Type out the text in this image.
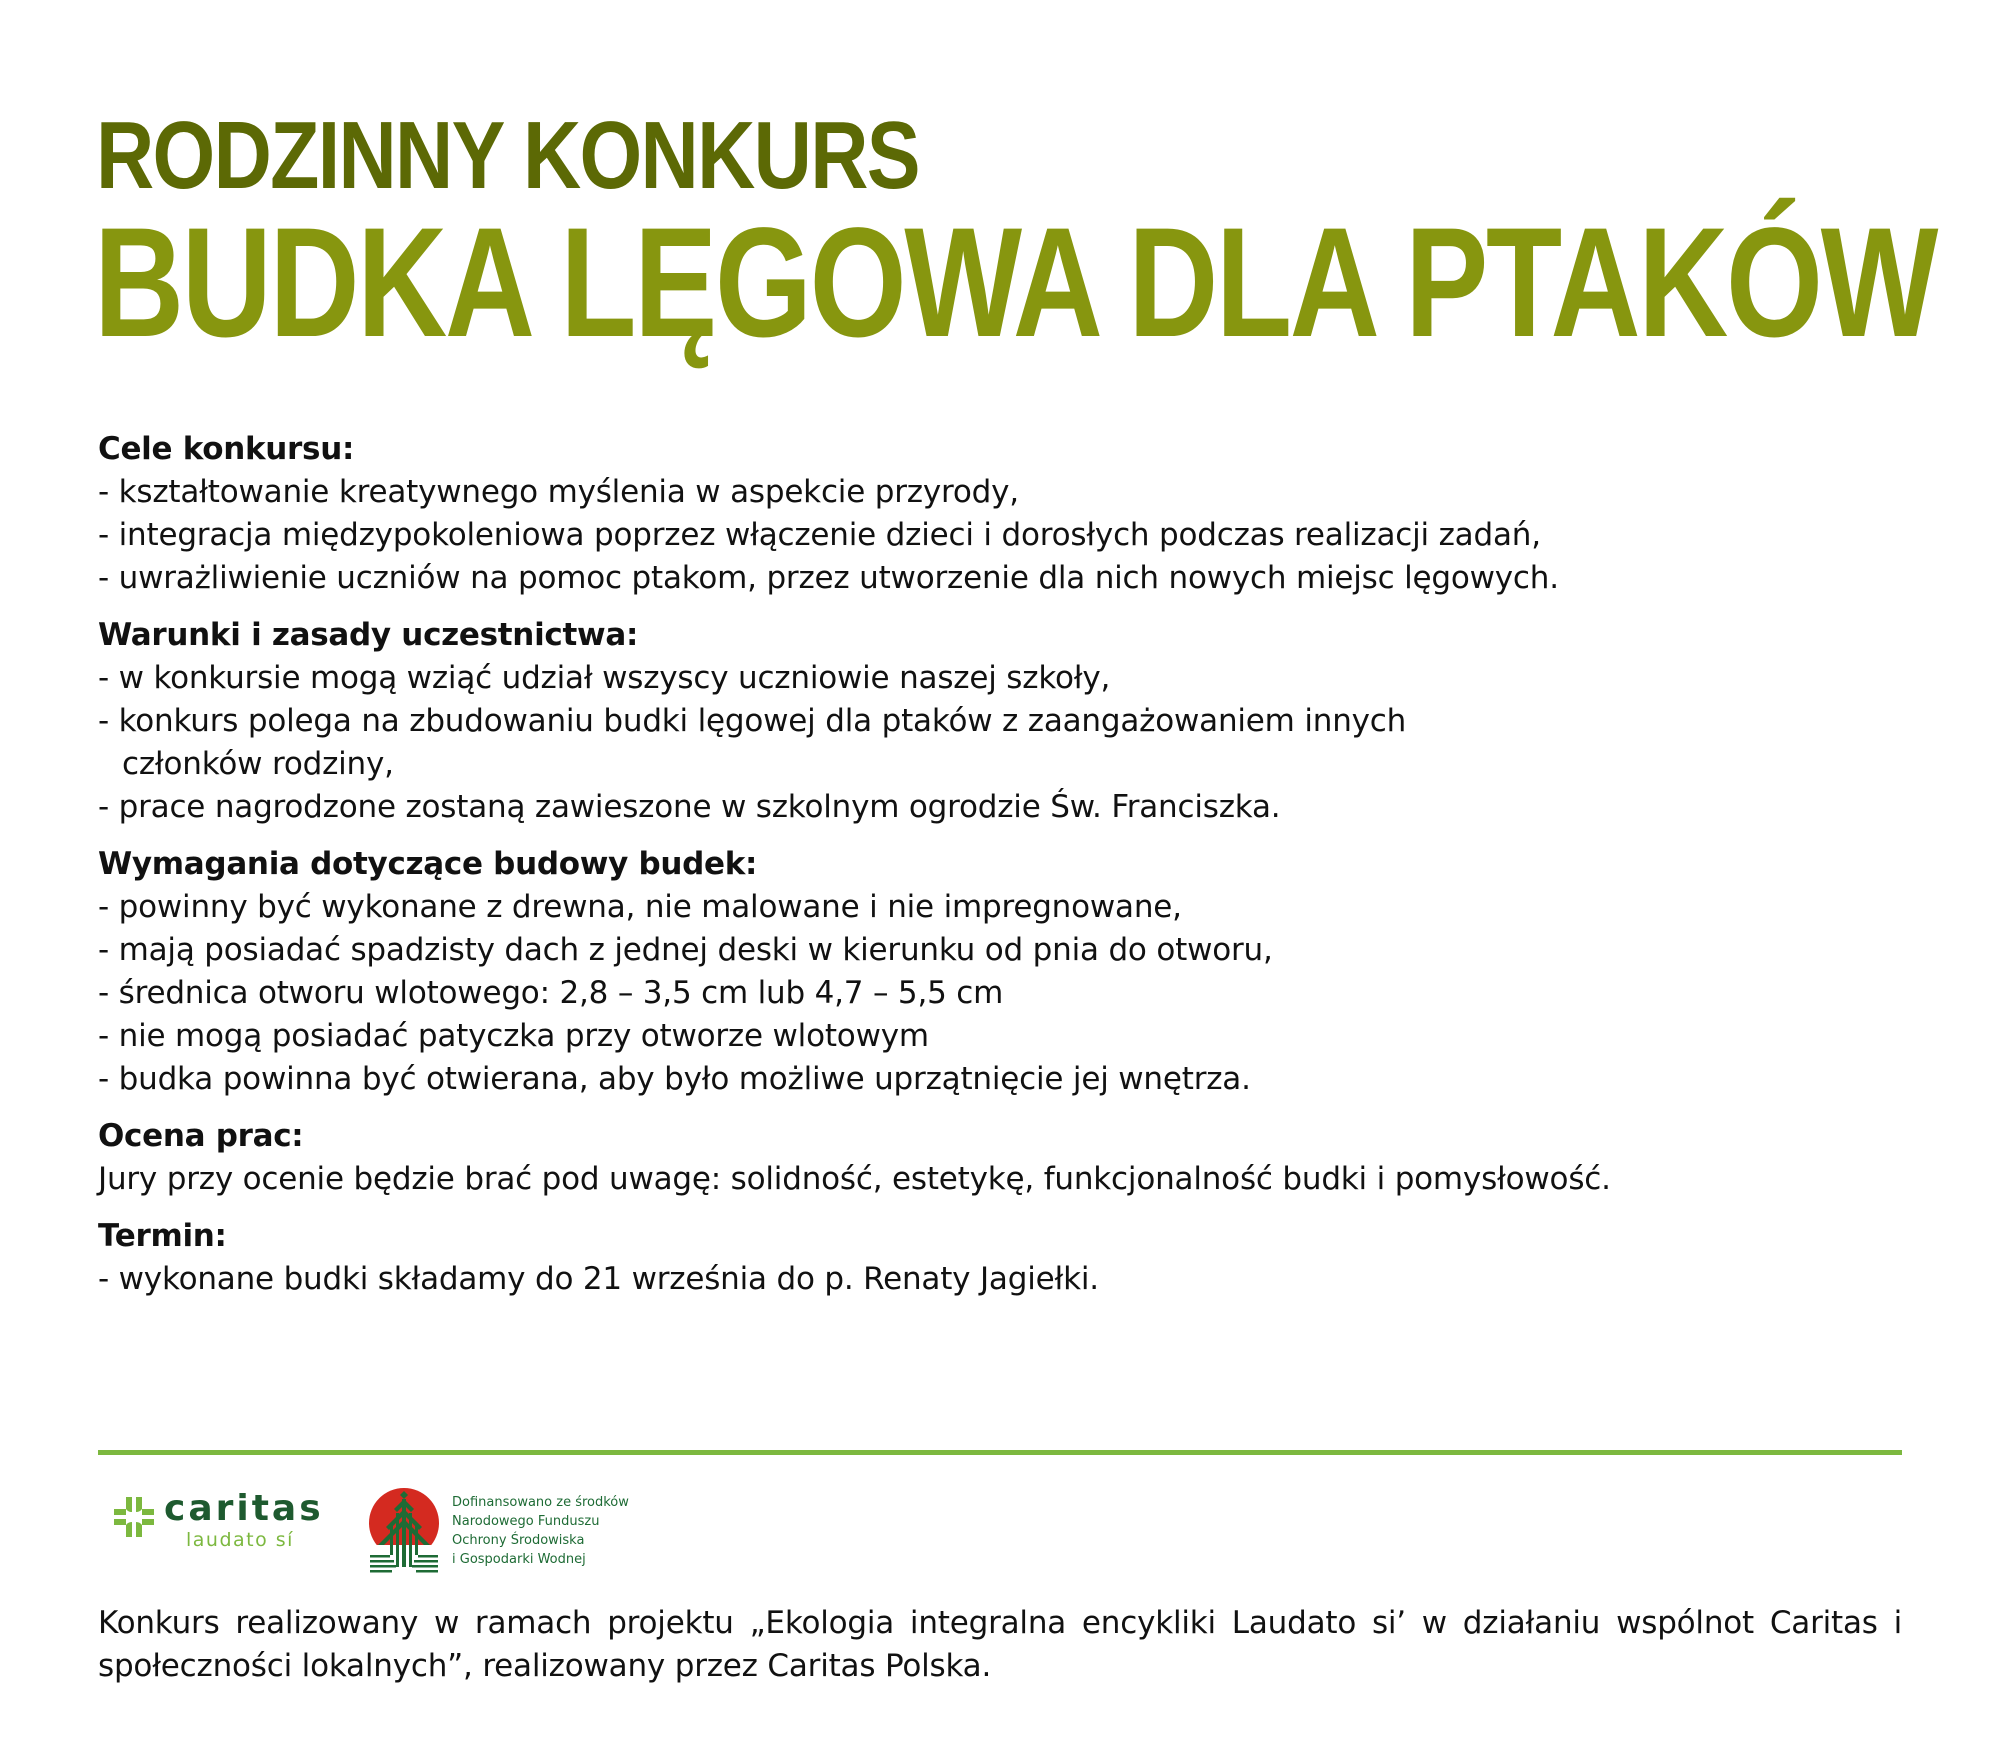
RODZINNY KONKURS
BUDKA LĘGOWA DLA PTAKÓW
Cele konkursu:
- kształtowanie kreatywnego myślenia w aspekcie przyrody,
- integracja międzypokoleniowa poprzez włączenie dzieci i dorosłych podczas realizacji zadań,
- uwrażliwienie uczniów na pomoc ptakom, przez utworzenie dla nich nowych miejsc lęgowych.
Warunki i zasady uczestnictwa:
- w konkursie mogą wziąć udział wszyscy uczniowie naszej szkoły,
- konkurs polega na zbudowaniu budki lęgowej dla ptaków z zaangażowaniem innych członków rodziny,
- prace nagrodzone zostaną zawieszone w szkolnym ogrodzie Św. Franciszka.
Wymagania dotyczące budowy budek:
- powinny być wykonane z drewna, nie malowane i nie impregnowane,
- mają posiadać spadzisty dach z jednej deski w kierunku od pnia do otworu,
- średnica otworu wlotowego: 2,8 – 3,5 cm lub 4,7 – 5,5 cm
- nie mogą posiadać patyczka przy otworze wlotowym
- budka powinna być otwierana, aby było możliwe uprzątnięcie jej wnętrza.
Ocena prac:
Jury przy ocenie będzie brać pod uwagę: solidność, estetykę, funkcjonalność budki i pomysłowość.
Termin:
- wykonane budki składamy do 21 września do p. Renaty Jagiełki.
caritas
laudato sí
Dofinansowano ze środków
Narodowego Funduszu
Ochrony Środowiska
i Gospodarki Wodnej
Konkurs realizowany w ramach projektu „Ekologia integralna encykliki Laudato si’ w działaniu wspólnot Caritas i społeczności lokalnych”, realizowany przez Caritas Polska.
